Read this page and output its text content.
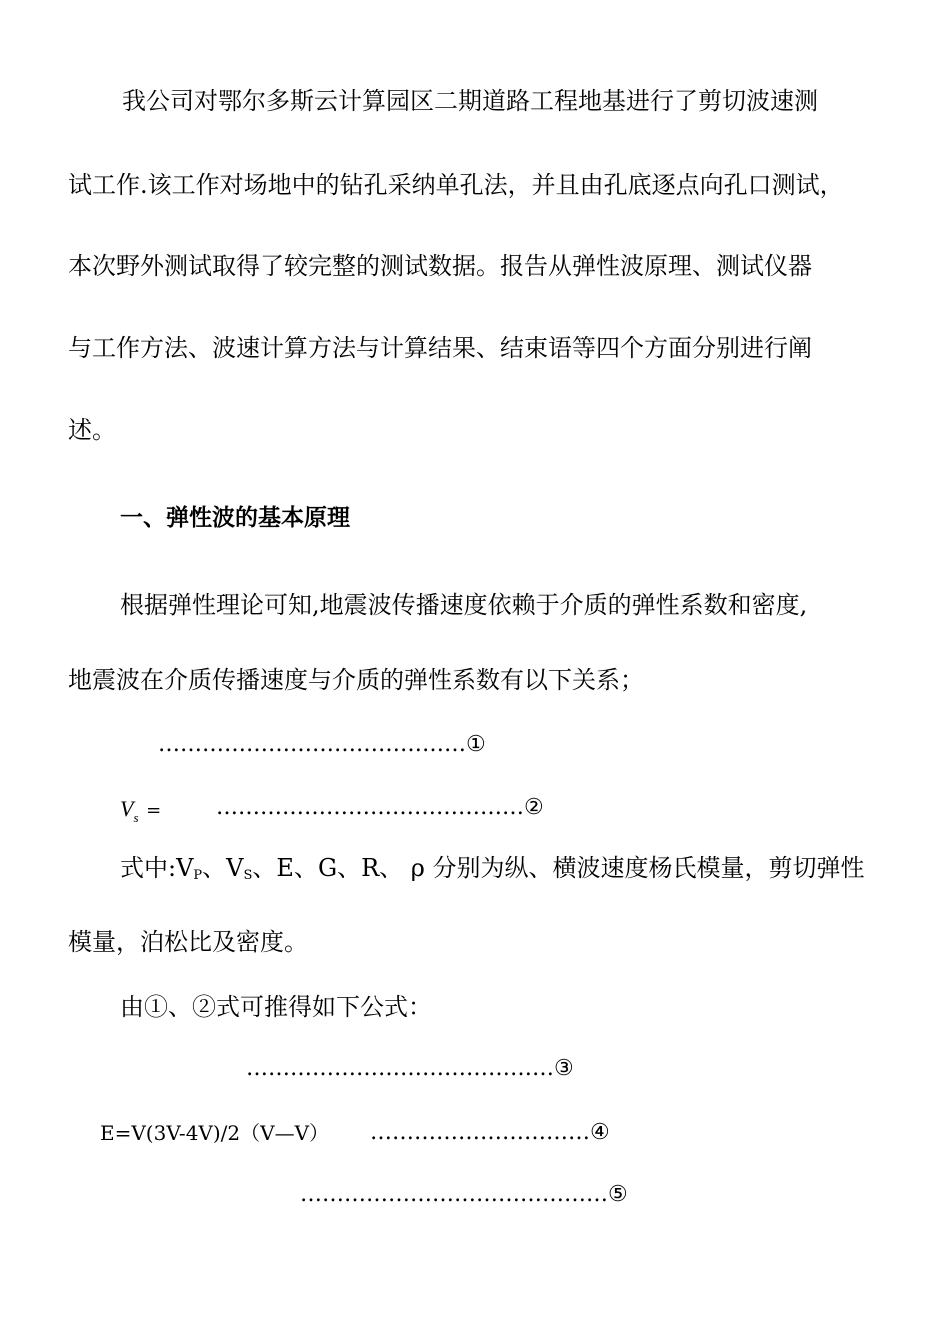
我公司对鄂尔多斯云计算园区二期道路工程地基进行了剪切波速测

试工作.该工作对场地中的钻孔采纳单孔法，并且由孔底逐点向孔口测试，

本次野外测试取得了较完整的测试数据。报告从弹性波原理、测试仪器

与工作方法、波速计算方法与计算结果、结束语等四个方面分别进行阐

述。

一、弹性波的基本原理

根据弹性理论可知,地震波传播速度依赖于介质的弹性系数和密度,

地震波在介质传播速度与介质的弹性系数有以下关系；

……………………………………①

$V_s$ = ……………………………………②

式中:VP、VS、E、G、R、 ρ 分别为纵、横波速度杨氏模量，剪切弹性

模量，泊松比及密度。

由①、②式可推得如下公式：

……………………………………③

E=V(3V-4V)/2（V—V） …………………………④

……………………………………⑤
